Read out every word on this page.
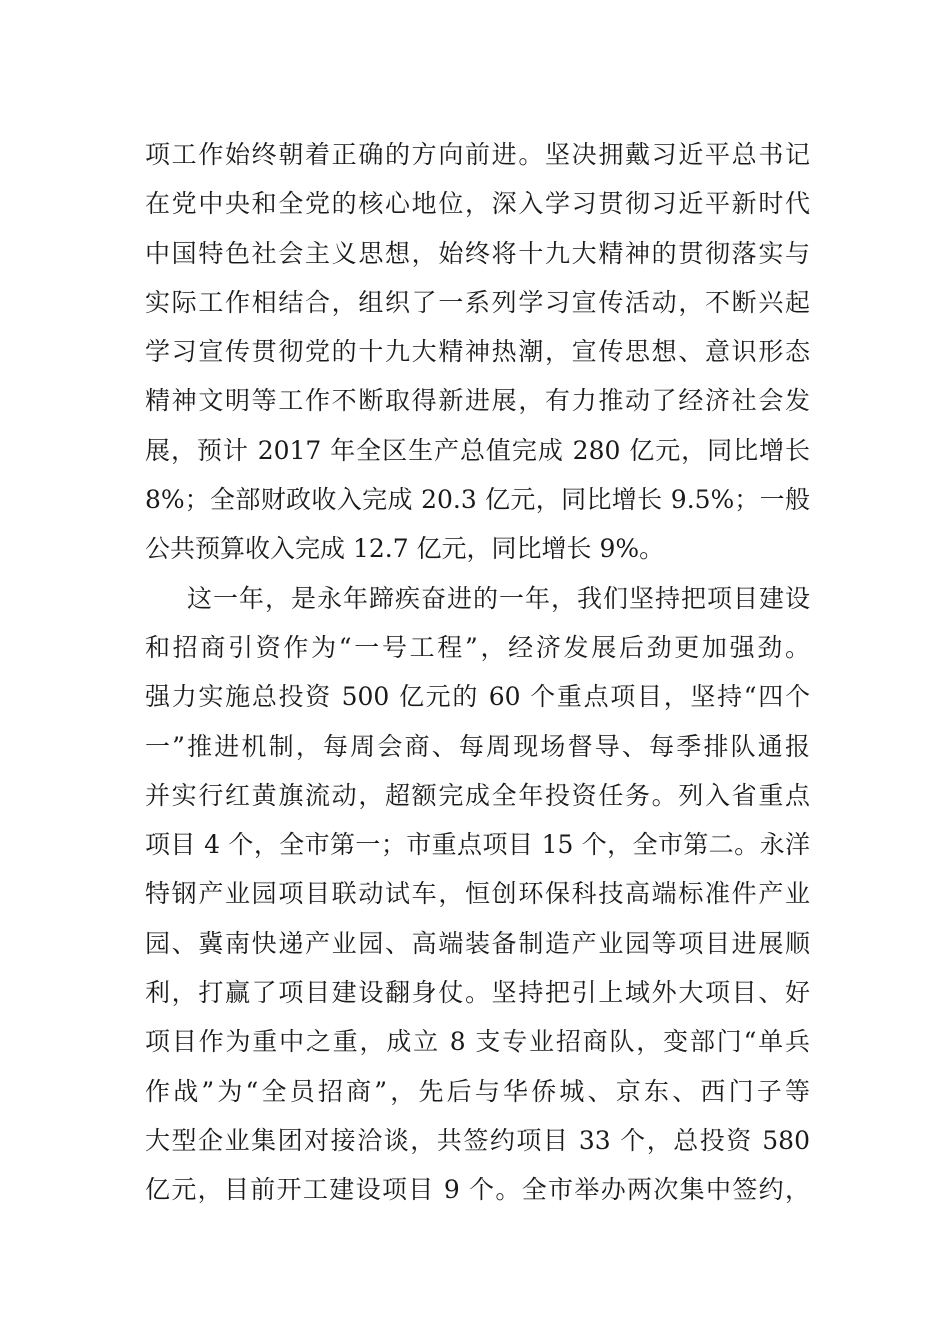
项工作始终朝着正确的方向前进。坚决拥戴习近平总书记
在党中央和全党的核心地位，深入学习贯彻习近平新时代
中国特色社会主义思想，始终将十九大精神的贯彻落实与
实际工作相结合，组织了一系列学习宣传活动，不断兴起
学习宣传贯彻党的十九大精神热潮，宣传思想、意识形态
精神文明等工作不断取得新进展，有力推动了经济社会发
展，预计 2017 年全区生产总值完成 280 亿元，同比增长
8%；全部财政收入完成 20.3 亿元，同比增长 9.5%；一般
公共预算收入完成 12.7 亿元，同比增长 9%。
这一年，是永年蹄疾奋进的一年，我们坚持把项目建设
和招商引资作为“一号工程”，经济发展后劲更加强劲。
强力实施总投资 500 亿元的 60 个重点项目，坚持“四个
一”推进机制，每周会商、每周现场督导、每季排队通报
并实行红黄旗流动，超额完成全年投资任务。列入省重点
项目 4 个，全市第一；市重点项目 15 个，全市第二。永洋
特钢产业园项目联动试车，恒创环保科技高端标准件产业
园、冀南快递产业园、高端装备制造产业园等项目进展顺
利，打赢了项目建设翻身仗。坚持把引上域外大项目、好
项目作为重中之重，成立 8 支专业招商队，变部门“单兵
作战”为“全员招商”，先后与华侨城、京东、西门子等
大型企业集团对接洽谈，共签约项目 33 个，总投资 580
亿元，目前开工建设项目 9 个。全市举办两次集中签约，
